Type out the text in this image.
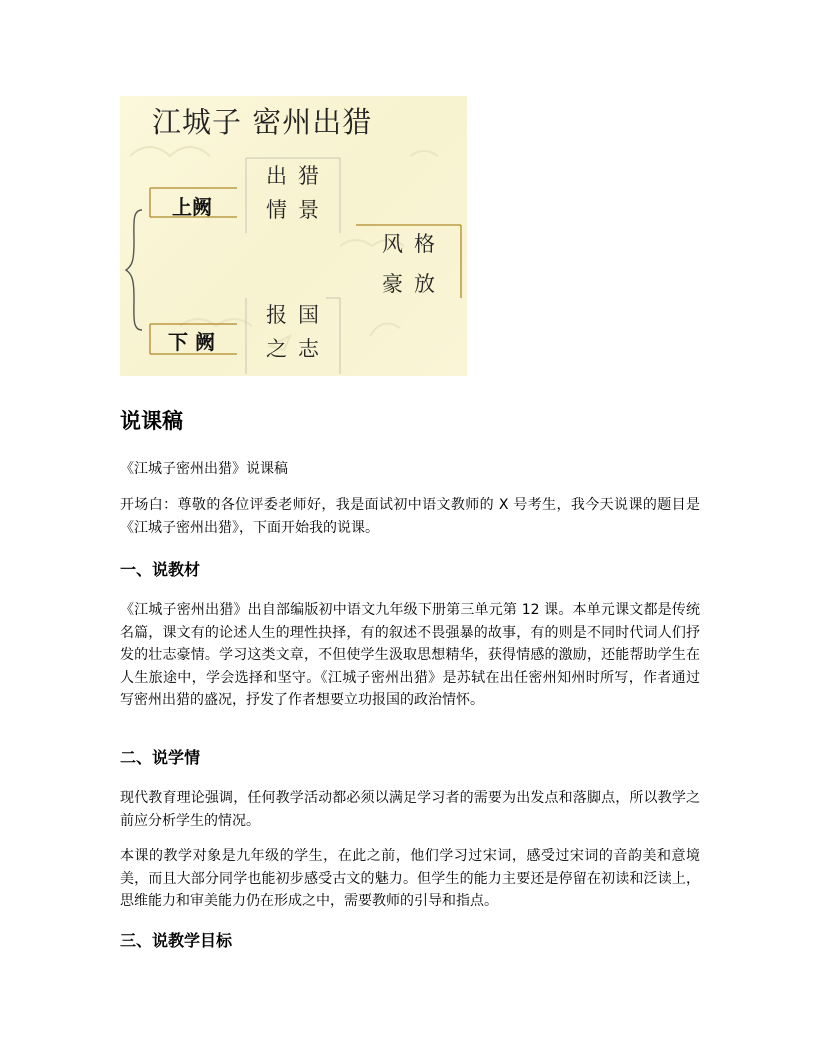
江城子 密州出猎
上阙
下 阙
出猎
情景
报国
之志
风格
豪放
说课稿
《江城子密州出猎》说课稿
开场白：尊敬的各位评委老师好，我是面试初中语文教师的 X 号考生，我今天说课的题目是《江城子密州出猎》，下面开始我的说课。
一、说教材
《江城子密州出猎》出自部编版初中语文九年级下册第三单元第 12 课。本单元课文都是传统名篇，课文有的论述人生的理性抉择，有的叙述不畏强暴的故事，有的则是不同时代词人们抒发的壮志豪情。学习这类文章，不但使学生汲取思想精华，获得情感的激励，还能帮助学生在人生旅途中，学会选择和坚守。《江城子密州出猎》是苏轼在出任密州知州时所写，作者通过写密州出猎的盛况，抒发了作者想要立功报国的政治情怀。
二、说学情
现代教育理论强调，任何教学活动都必须以满足学习者的需要为出发点和落脚点，所以教学之前应分析学生的情况。
本课的教学对象是九年级的学生，在此之前，他们学习过宋词，感受过宋词的音韵美和意境美，而且大部分同学也能初步感受古文的魅力。但学生的能力主要还是停留在初读和泛读上，思维能力和审美能力仍在形成之中，需要教师的引导和指点。
三、说教学目标
